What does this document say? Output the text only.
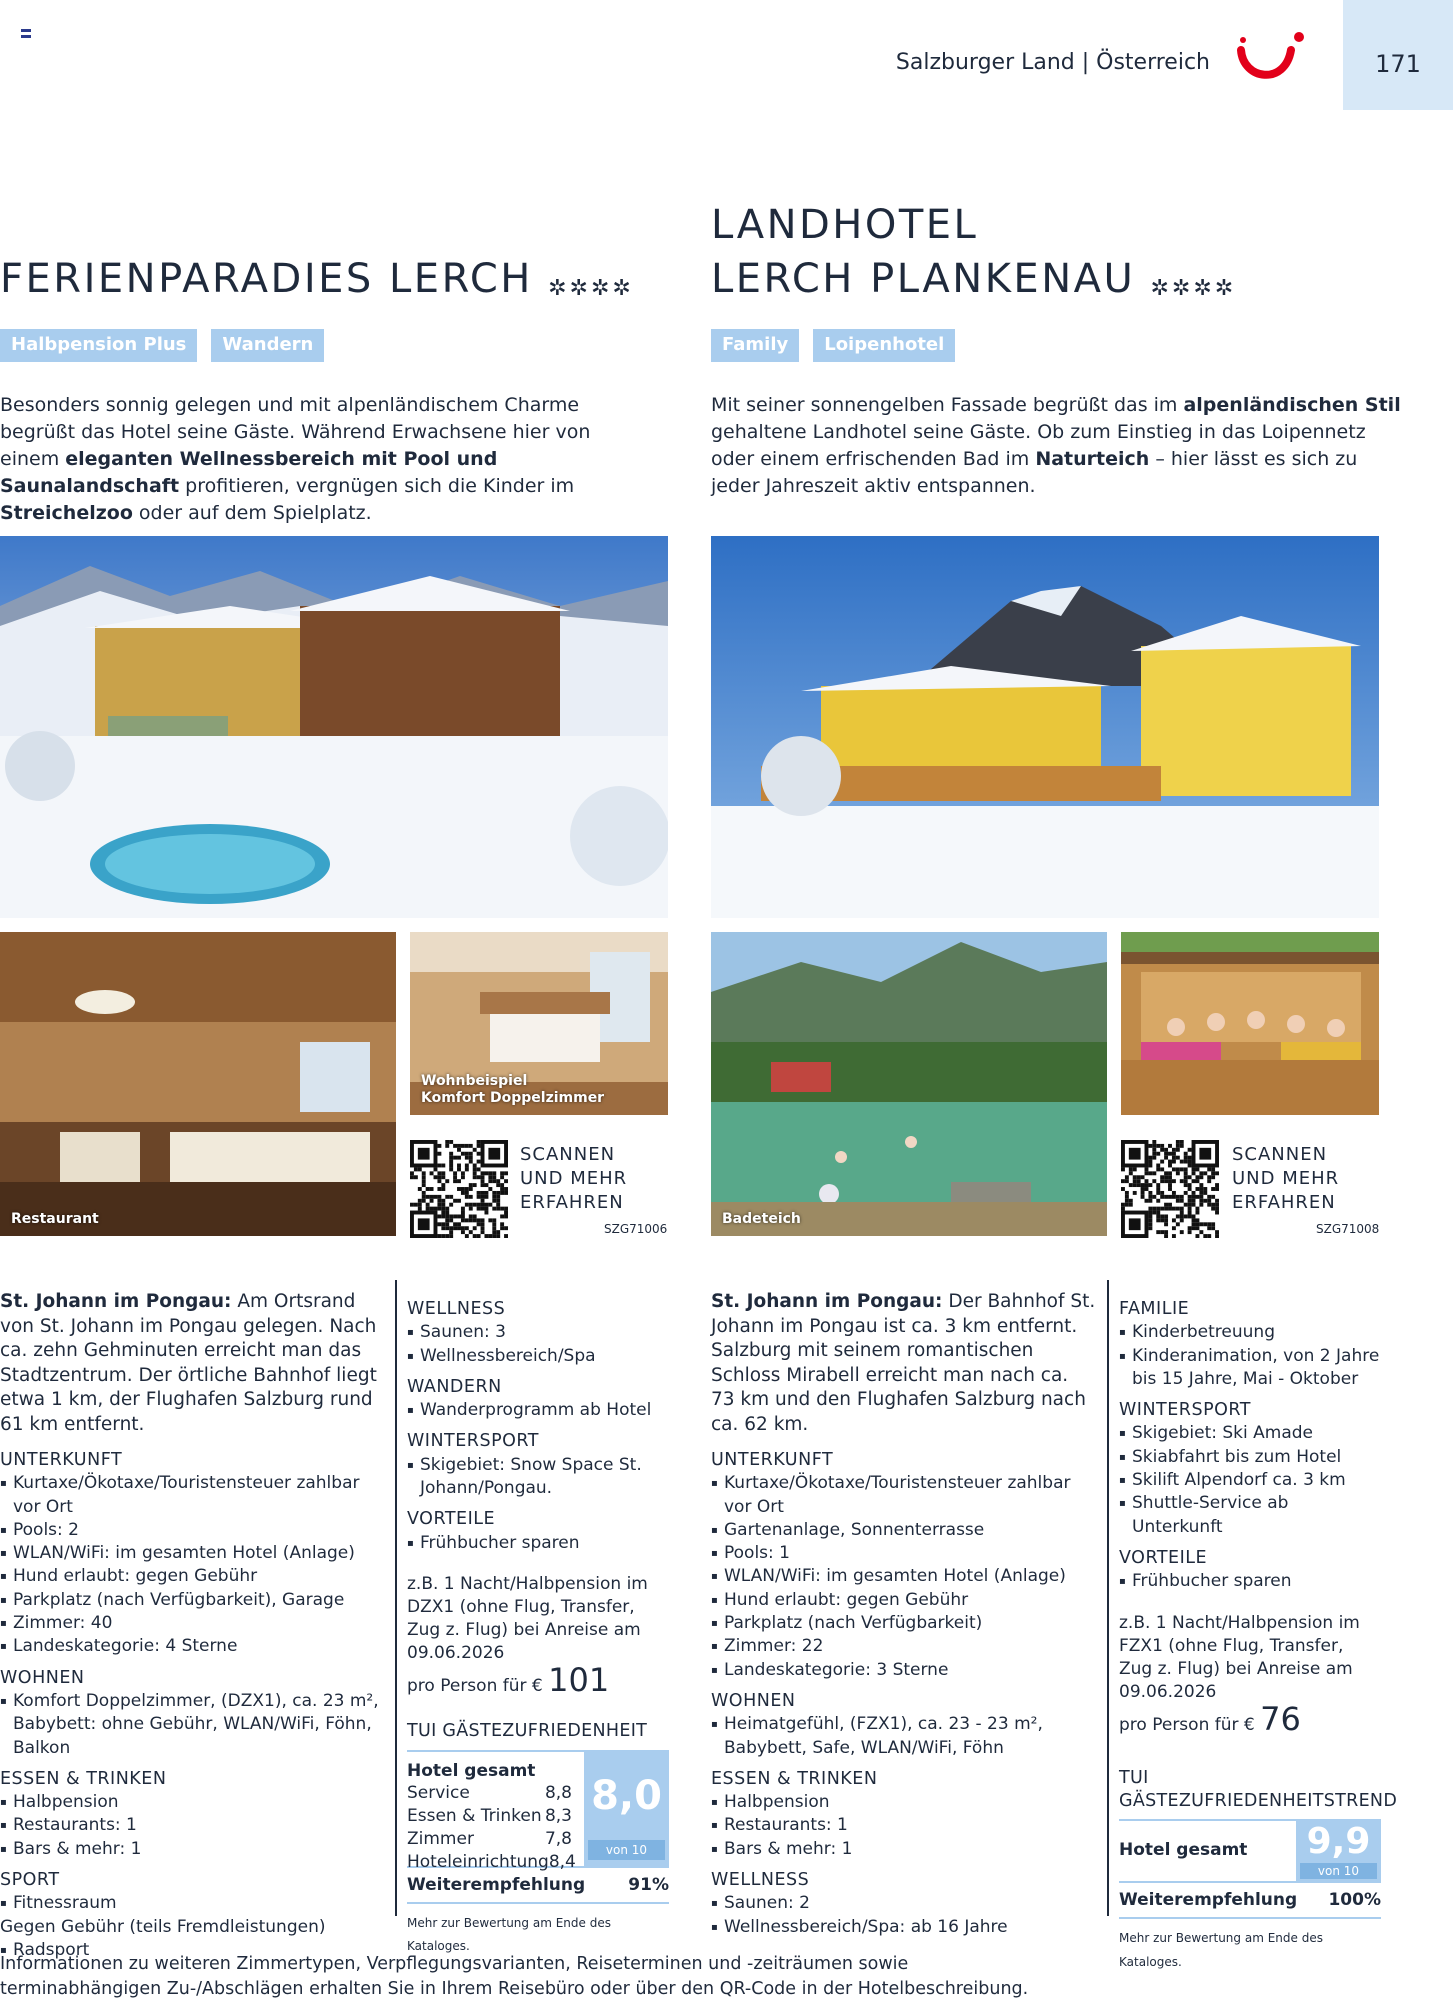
Salzburger Land | Österreich	171
FERIENPARADIES LERCH ✲✲✲✲
Halbpension Plus Wandern
Besonders sonnig gelegen und mit alpenländischem Charme begrüßt das Hotel seine Gäste. Während Erwachsene hier von einem eleganten Wellnessbereich mit Pool und Saunalandschaft profitieren, vergnügen sich die Kinder im Streichelzoo oder auf dem Spielplatz.
LANDHOTEL
LERCH PLANKENAU ✲✲✲✲
Family Loipenhotel
Mit seiner sonnengelben Fassade begrüßt das im alpenländischen Stil gehaltene Landhotel seine Gäste. Ob zum Einstieg in das Loipennetz oder einem erfrischenden Bad im Naturteich – hier lässt es sich zu jeder Jahreszeit aktiv entspannen.
Restaurant
Wohnbeispiel
Komfort Doppelzimmer
SCANNEN
UND MEHR
ERFAHREN
SZG71006
Badeteich
SCANNEN
UND MEHR
ERFAHREN
SZG71008
St. Johann im Pongau: Am Ortsrand von St. Johann im Pongau gelegen. Nach ca. zehn Gehminuten erreicht man das Stadtzentrum. Der örtliche Bahnhof liegt etwa 1 km, der Flughafen Salzburg rund 61 km entfernt.
UNTERKUNFT
▪ Kurtaxe/Ökotaxe/Touristensteuer zahlbar vor Ort
▪ Pools: 2
▪ WLAN/WiFi: im gesamten Hotel (Anlage)
▪ Hund erlaubt: gegen Gebühr
▪ Parkplatz (nach Verfügbarkeit), Garage
▪ Zimmer: 40
▪ Landeskategorie: 4 Sterne
WOHNEN
▪ Komfort Doppelzimmer, (DZX1), ca. 23 m², Babybett: ohne Gebühr, WLAN/WiFi, Föhn, Balkon
ESSEN & TRINKEN
▪ Halbpension
▪ Restaurants: 1
▪ Bars & mehr: 1
SPORT
▪ Fitnessraum
Gegen Gebühr (teils Fremdleistungen)
▪ Radsport
WELLNESS
▪ Saunen: 3
▪ Wellnessbereich/Spa
WANDERN
▪ Wanderprogramm ab Hotel
WINTERSPORT
▪ Skigebiet: Snow Space St. Johann/Pongau.
VORTEILE
▪ Frühbucher sparen
z.B. 1 Nacht/Halbpension im DZX1 (ohne Flug, Transfer, Zug z. Flug) bei Anreise am 09.06.2026
pro Person für € 101
TUI GÄSTEZUFRIEDENHEIT
Hotel gesamt
Service	8,8
Essen & Trinken 8,3
Zimmer	7,8
Hoteleinrichtung 8,4
8,0
von 10
Weiterempfehlung	91%
Mehr zur Bewertung am Ende des Kataloges.
St. Johann im Pongau: Der Bahnhof St. Johann im Pongau ist ca. 3 km entfernt. Salzburg mit seinem romantischen Schloss Mirabell erreicht man nach ca. 73 km und den Flughafen Salzburg nach ca. 62 km.
UNTERKUNFT
▪ Kurtaxe/Ökotaxe/Touristensteuer zahlbar vor Ort
▪ Gartenanlage, Sonnenterrasse
▪ Pools: 1
▪ WLAN/WiFi: im gesamten Hotel (Anlage)
▪ Hund erlaubt: gegen Gebühr
▪ Parkplatz (nach Verfügbarkeit)
▪ Zimmer: 22
▪ Landeskategorie: 3 Sterne
WOHNEN
▪ Heimatgefühl, (FZX1), ca. 23 - 23 m², Babybett, Safe, WLAN/WiFi, Föhn
ESSEN & TRINKEN
▪ Halbpension
▪ Restaurants: 1
▪ Bars & mehr: 1
WELLNESS
▪ Saunen: 2
▪ Wellnessbereich/Spa: ab 16 Jahre
FAMILIE
▪ Kinderbetreuung
▪ Kinderanimation, von 2 Jahre bis 15 Jahre, Mai - Oktober
WINTERSPORT
▪ Skigebiet: Ski Amade
▪ Skiabfahrt bis zum Hotel
▪ Skilift Alpendorf ca. 3 km
▪ Shuttle-Service ab Unterkunft
VORTEILE
▪ Frühbucher sparen
z.B. 1 Nacht/Halbpension im FZX1 (ohne Flug, Transfer, Zug z. Flug) bei Anreise am 09.06.2026
pro Person für € 76
TUI GÄSTEZUFRIEDENHEITSTREND
Hotel gesamt 9,9
von 10
Weiterempfehlung 100%
Mehr zur Bewertung am Ende des Kataloges.
Informationen zu weiteren Zimmertypen, Verpflegungsvarianten, Reiseterminen und -zeiträumen sowie terminabhängigen Zu-/Abschlägen erhalten Sie in Ihrem Reisebüro oder über den QR-Code in der Hotelbeschreibung.
